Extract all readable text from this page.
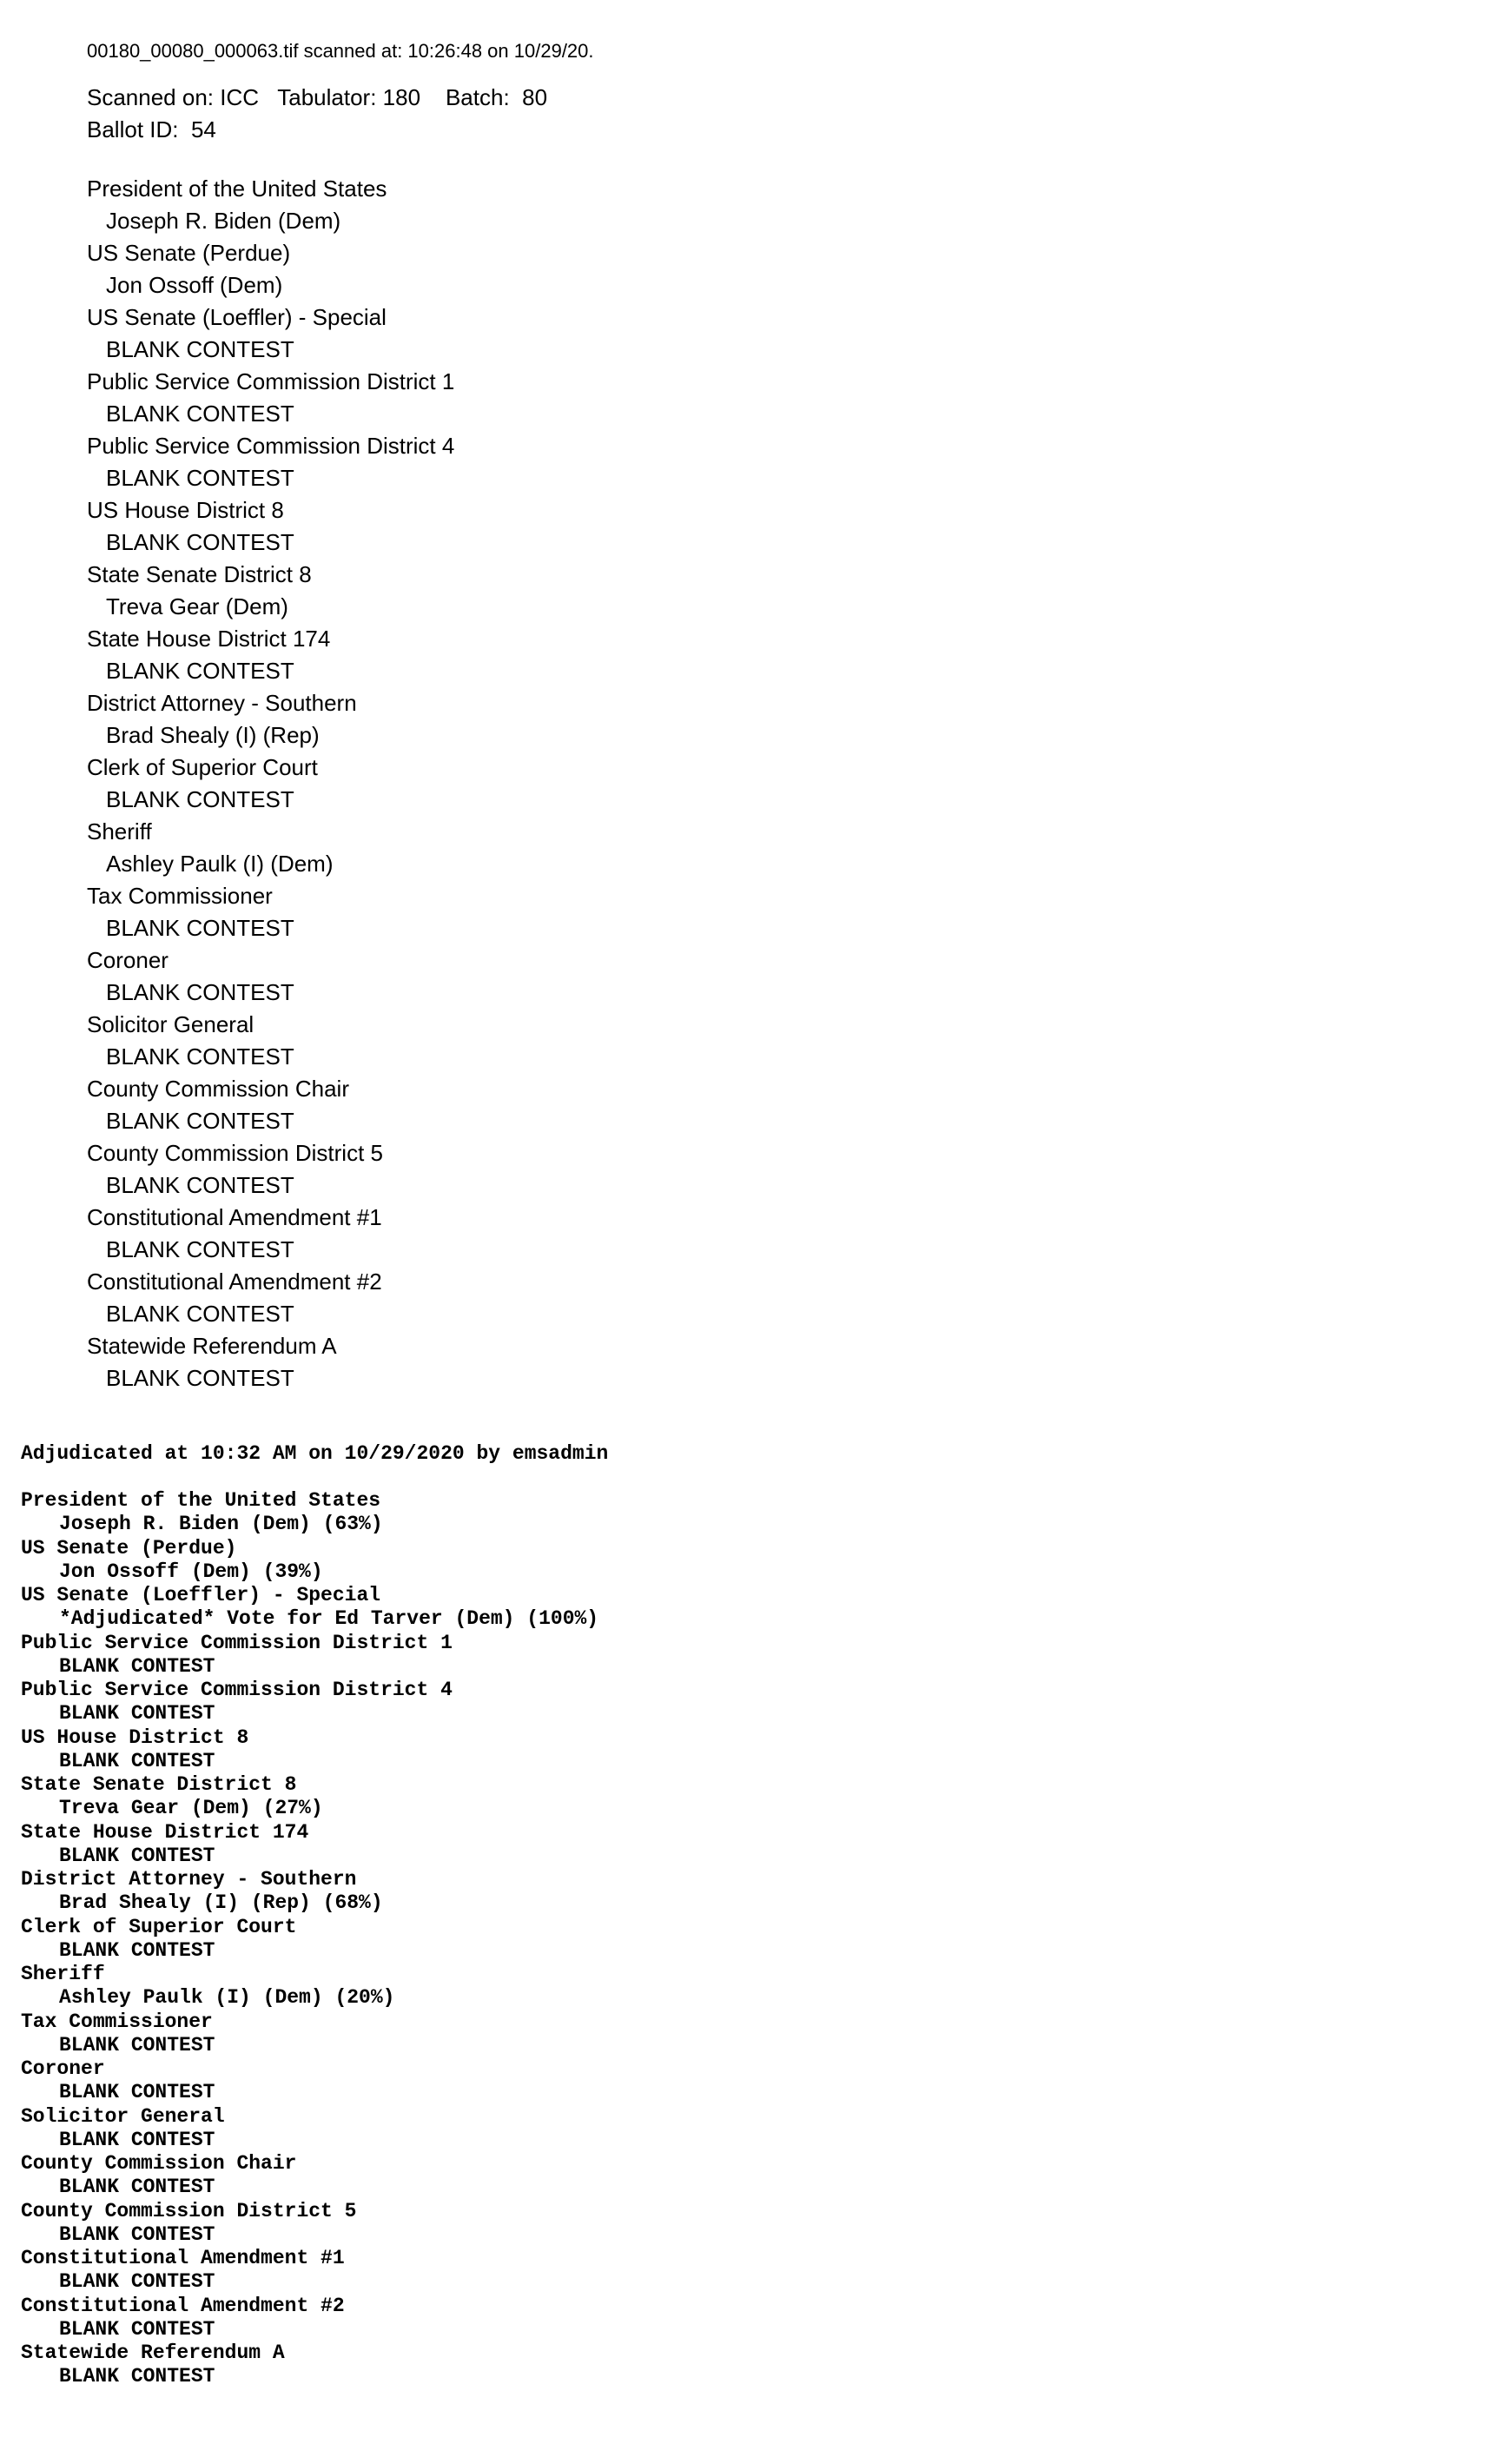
00180_00080_000063.tif scanned at: 10:26:48 on 10/29/20.
Scanned on: ICC Tabulator: 180 Batch: 80
Ballot ID: 54
President of the United States
Joseph R. Biden (Dem)
US Senate (Perdue)
Jon Ossoff (Dem)
US Senate (Loeffler) - Special
BLANK CONTEST
Public Service Commission District 1
BLANK CONTEST
Public Service Commission District 4
BLANK CONTEST
US House District 8
BLANK CONTEST
State Senate District 8
Treva Gear (Dem)
State House District 174
BLANK CONTEST
District Attorney - Southern
Brad Shealy (I) (Rep)
Clerk of Superior Court
BLANK CONTEST
Sheriff
Ashley Paulk (I) (Dem)
Tax Commissioner
BLANK CONTEST
Coroner
BLANK CONTEST
Solicitor General
BLANK CONTEST
County Commission Chair
BLANK CONTEST
County Commission District 5
BLANK CONTEST
Constitutional Amendment #1
BLANK CONTEST
Constitutional Amendment #2
BLANK CONTEST
Statewide Referendum A
BLANK CONTEST
Adjudicated at 10:32 AM on 10/29/2020 by emsadmin
President of the United States
Joseph R. Biden (Dem) (63%)
US Senate (Perdue)
Jon Ossoff (Dem) (39%)
US Senate (Loeffler) - Special
*Adjudicated* Vote for Ed Tarver (Dem) (100%)
Public Service Commission District 1
BLANK CONTEST
Public Service Commission District 4
BLANK CONTEST
US House District 8
BLANK CONTEST
State Senate District 8
Treva Gear (Dem) (27%)
State House District 174
BLANK CONTEST
District Attorney - Southern
Brad Shealy (I) (Rep) (68%)
Clerk of Superior Court
BLANK CONTEST
Sheriff
Ashley Paulk (I) (Dem) (20%)
Tax Commissioner
BLANK CONTEST
Coroner
BLANK CONTEST
Solicitor General
BLANK CONTEST
County Commission Chair
BLANK CONTEST
County Commission District 5
BLANK CONTEST
Constitutional Amendment #1
BLANK CONTEST
Constitutional Amendment #2
BLANK CONTEST
Statewide Referendum A
BLANK CONTEST
